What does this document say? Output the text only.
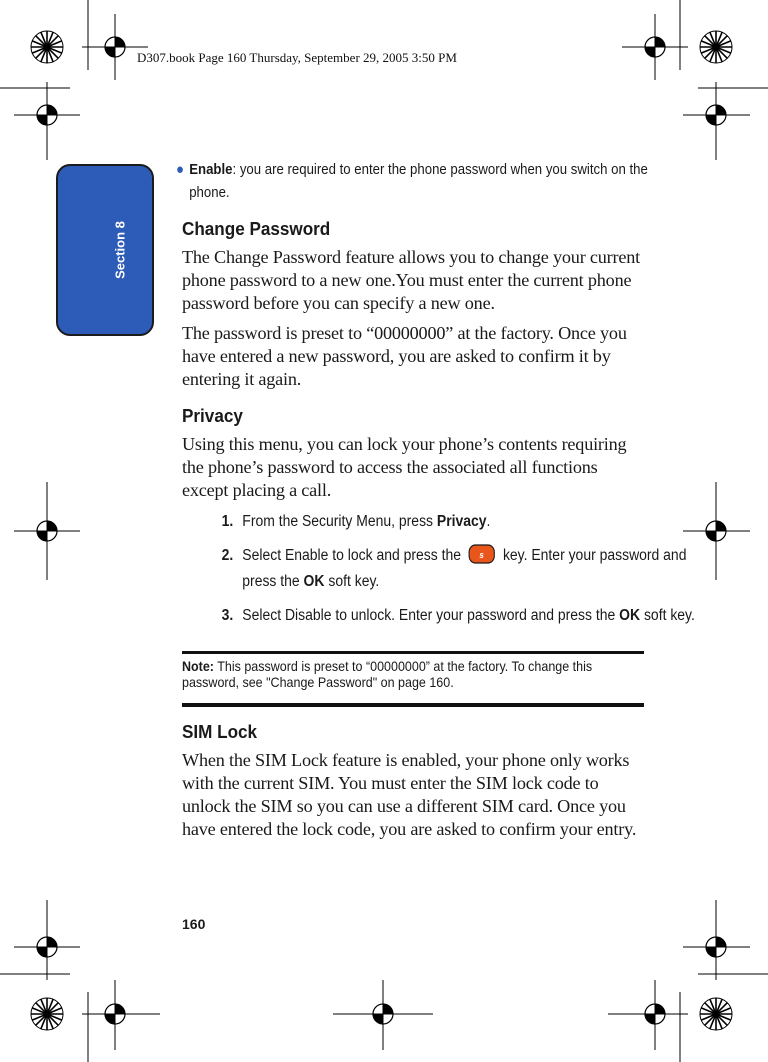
D307.book Page 160 Thursday, September 29, 2005 3:50 PM
Section 8
● Enable: you are required to enter the phone password when you switch on the phone.
Change Password

The Change Password feature allows you to change your current phone password to a new one.You must enter the current phone password before you can specify a new one.

The password is preset to “00000000” at the factory. Once you have entered a new password, you are asked to confirm it by entering it again.

Privacy

Using this menu, you can lock your phone’s contents requiring the phone’s password to access the associated all functions except placing a call.

1. From the Security Menu, press Privacy.
2. Select Enable to lock and press the s key. Enter your password and press the OK soft key.
3. Select Disable to unlock. Enter your password and press the OK soft key.
Note: This password is preset to “00000000” at the factory. To change this password, see "Change Password" on page 160.
SIM Lock

When the SIM Lock feature is enabled, your phone only works with the current SIM. You must enter the SIM lock code to unlock the SIM so you can use a different SIM card. Once you have entered the lock code, you are asked to confirm your entry.

160
